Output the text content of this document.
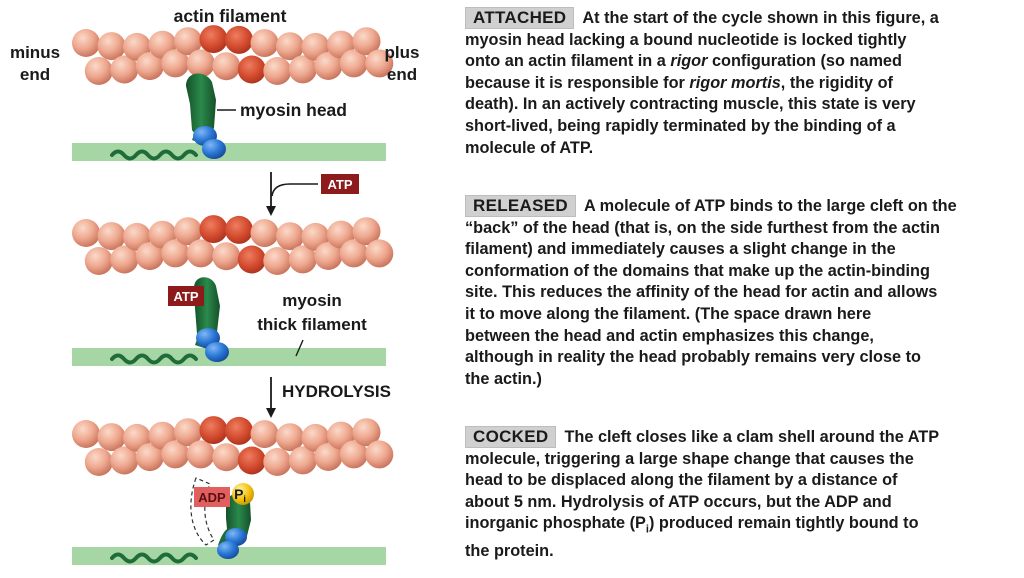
actin filament
minus
end
plus
end
myosin head
ATP
ATP	myosin
thick filament
HYDROLYSIS
ADP $P_i$
ATTACHED At the start of the cycle shown in this figure, a
myosin head lacking a bound nucleotide is locked tightly
onto an actin filament in a rigor configuration (so named
because it is responsible for rigor mortis, the rigidity of
death). In an actively contracting muscle, this state is very
short-lived, being rapidly terminated by the binding of a
molecule of ATP.
RELEASED A molecule of ATP binds to the large cleft on the
“back” of the head (that is, on the side furthest from the actin
filament) and immediately causes a slight change in the
conformation of the domains that make up the actin-binding
site. This reduces the affinity of the head for actin and allows
it to move along the filament. (The space drawn here
between the head and actin emphasizes this change,
although in reality the head probably remains very close to
the actin.)
COCKED The cleft closes like a clam shell around the ATP
molecule, triggering a large shape change that causes the
head to be displaced along the filament by a distance of
about 5 nm. Hydrolysis of ATP occurs, but the ADP and
inorganic phosphate $(P_i)$ produced remain tightly bound to
the protein.
